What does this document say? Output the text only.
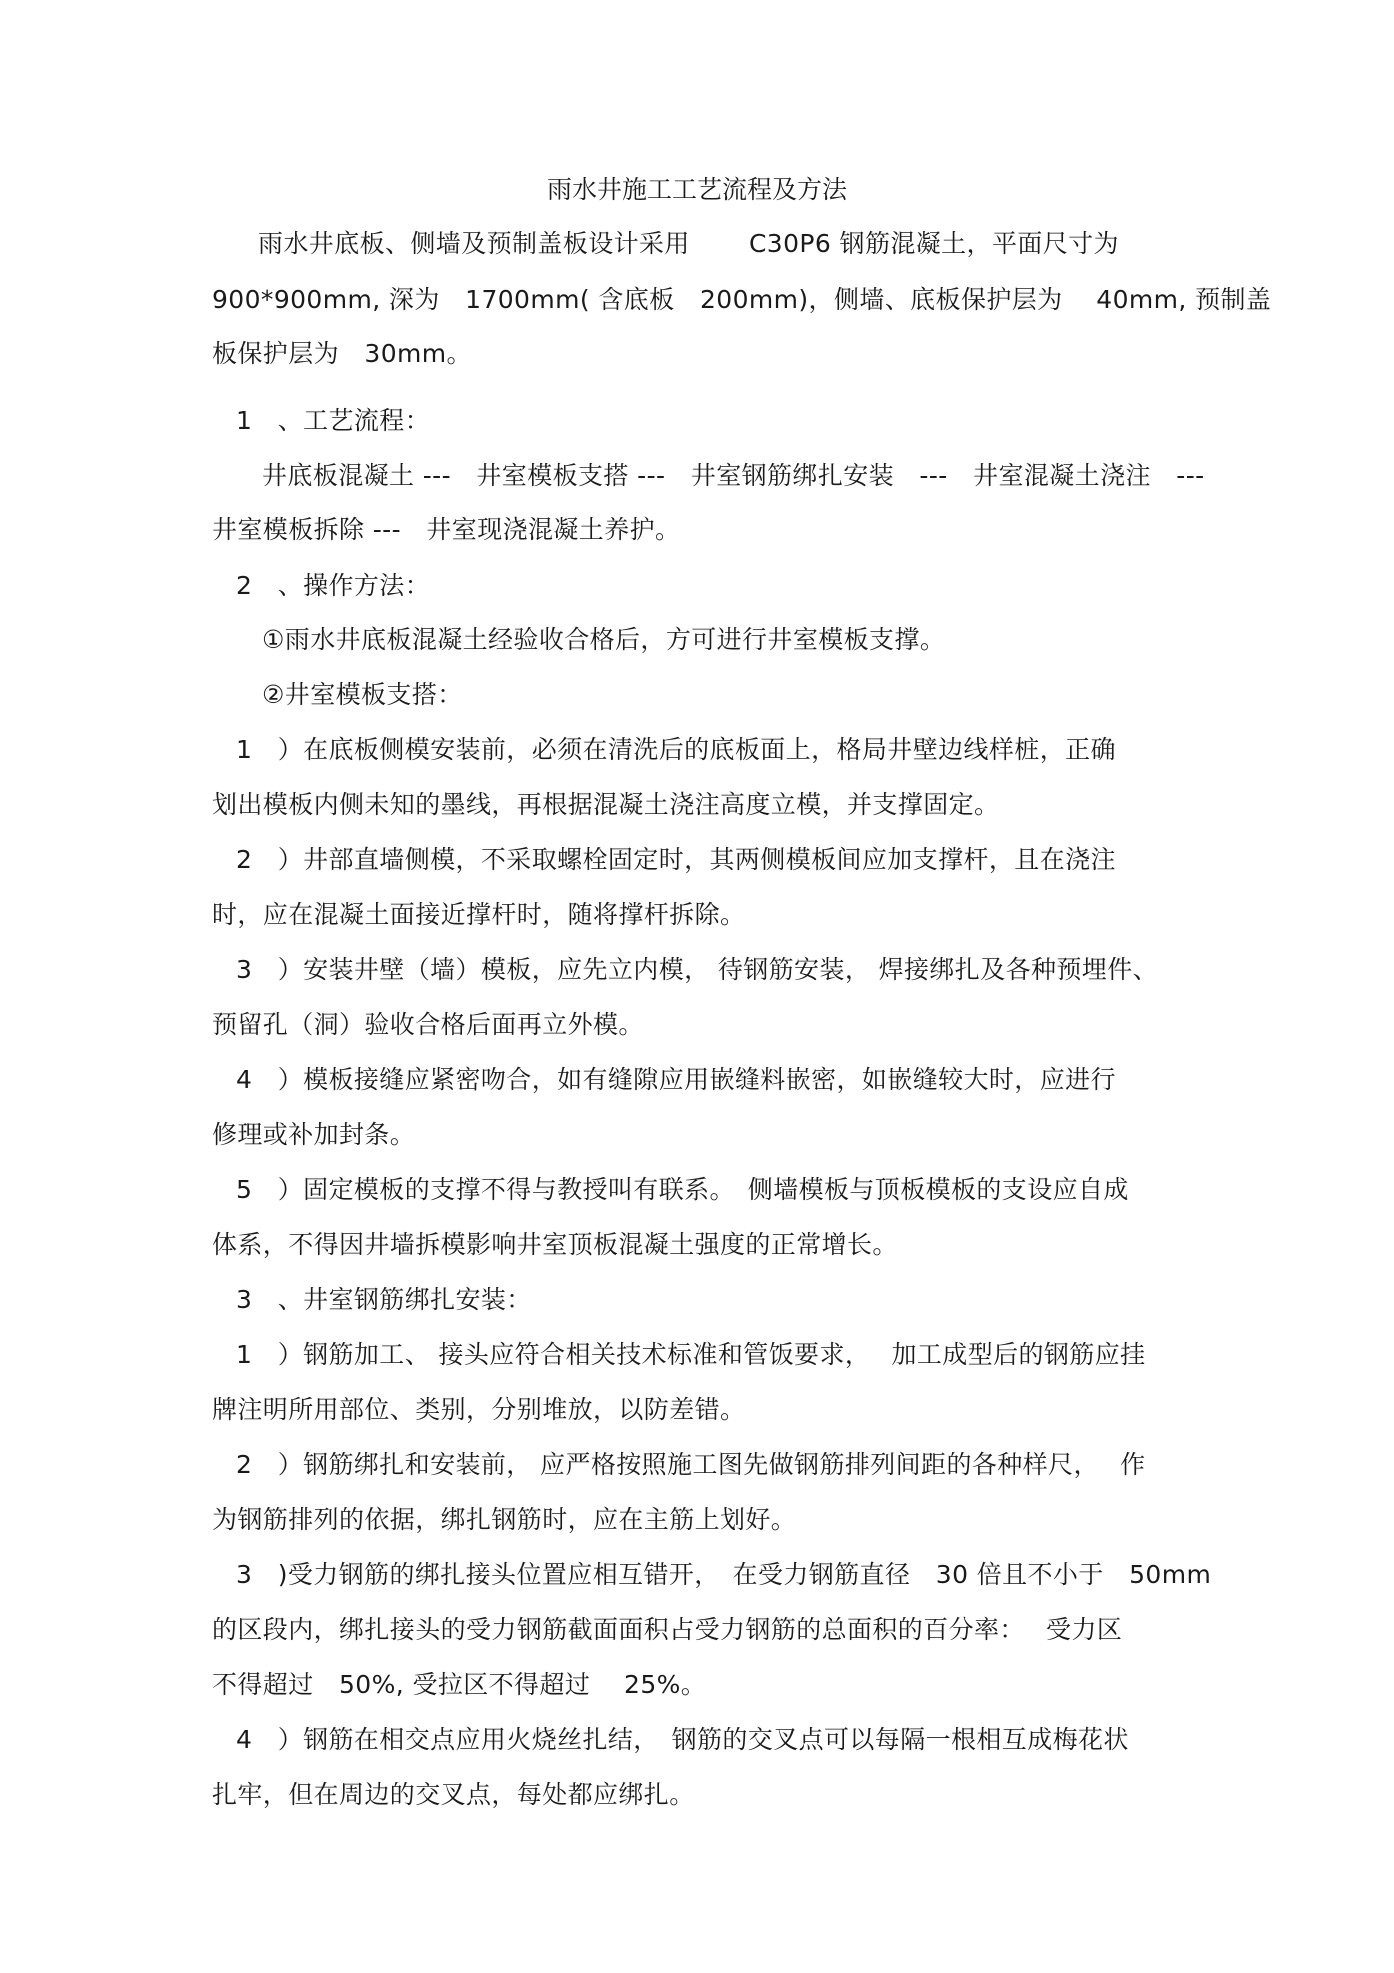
雨水井施工工艺流程及方法
雨水井底板、侧墙及预制盖板设计采用　　 C30P6 钢筋混凝土，平面尺寸为
900*900mm, 深为　1700mm( 含底板　200mm)，侧墙、底板保护层为　 40mm, 预制盖
板保护层为　30mm。
1　、工艺流程：
井底板混凝土 ---　井室模板支搭 ---　井室钢筋绑扎安装　---　井室混凝土浇注　---
井室模板拆除 ---　井室现浇混凝土养护。
2　、操作方法：
①雨水井底板混凝土经验收合格后，方可进行井室模板支撑。
②井室模板支搭：
1　）在底板侧模安装前，必须在清洗后的底板面上，格局井壁边线样桩，正确
划出模板内侧未知的墨线，再根据混凝土浇注高度立模，并支撑固定。
2　）井部直墙侧模，不采取螺栓固定时，其两侧模板间应加支撑杆，且在浇注
时，应在混凝土面接近撑杆时，随将撑杆拆除。
3　）安装井壁（墙）模板，应先立内模， 待钢筋安装， 焊接绑扎及各种预埋件、
预留孔（洞）验收合格后面再立外模。
4　）模板接缝应紧密吻合，如有缝隙应用嵌缝料嵌密，如嵌缝较大时，应进行
修理或补加封条。
5　）固定模板的支撑不得与教授叫有联系。　侧墙模板与顶板模板的支设应自成
体系，不得因井墙拆模影响井室顶板混凝土强度的正常增长。
3　、井室钢筋绑扎安装：
1　）钢筋加工、 接头应符合相关技术标准和管饭要求，　 加工成型后的钢筋应挂
牌注明所用部位、类别，分别堆放，以防差错。
2　）钢筋绑扎和安装前， 应严格按照施工图先做钢筋排列间距的各种样尺，　 作
为钢筋排列的依据，绑扎钢筋时，应在主筋上划好。
3　)受力钢筋的绑扎接头位置应相互错开，　在受力钢筋直径　30 倍且不小于　50mm
的区段内，绑扎接头的受力钢筋截面面积占受力钢筋的总面积的百分率：　 受力区
不得超过　50%, 受拉区不得超过　 25%。
4　）钢筋在相交点应用火烧丝扎结，　钢筋的交叉点可以每隔一根相互成梅花状
扎牢，但在周边的交叉点，每处都应绑扎。
